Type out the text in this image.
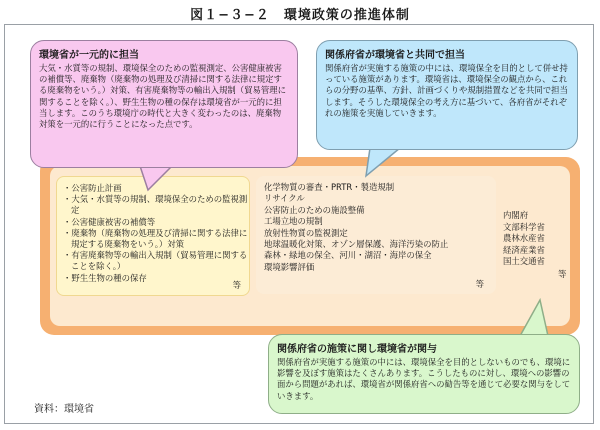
図１−３−２　環境政策の推進体制
・ 公害防止計画
・ 大気・水質等の規制、環境保全のための監視測定
・ 公害健康被害の補償等
・ 廃棄物（廃棄物の処理及び清掃に関する法律に規定する廃棄物をいう。）対策
・ 有害廃棄物等の輸出入規制（貿易管理に関することを除く。）
・ 野生生物の種の保存
等
化学物質の審査・PRTR・製造規制
リサイクル
公害防止のための施設整備
工場立地の規制
放射性物質の監視測定
地球温暖化対策、オゾン層保護、海洋汚染の防止
森林・緑地の保全、河川・湖沼・海岸の保全
環境影響評価
等
内閣府
文部科学省
農林水産省
経済産業省
国土交通省
等
環境省が一元的に担当
大気・水質等の規制、環境保全のための監視測定、公害健康被害の補償等、廃棄物（廃棄物の処理及び清掃に関する法律に規定する廃棄物をいう。）対策、有害廃棄物等の輸出入規制（貿易管理に関することを除く。）、野生生物の種の保存は環境省が一元的に担当します。このうち環境庁の時代と大きく変わったのは、廃棄物対策を一元的に行うことになった点です。
関係府省が環境省と共同で担当
関係府省が実施する施策の中には、環境保全を目的として併せ持っている施策があります。環境省は、環境保全の観点から、これらの分野の基準、方針、計画づくりや規制措置などを共同で担当します。そうした環境保全の考え方に基づいて、各府省がそれぞれの施策を実施していきます。
関係府省の施策に関し環境省が関与
関係府省が実施する施策の中には、環境保全を目的としないものでも、環境に影響を及ぼす施策はたくさんあります。こうしたものに対し、環境への影響の面から問題があれば、環境省が関係府省への勧告等を通じて必要な関与をしていきます。
資料：環境省
